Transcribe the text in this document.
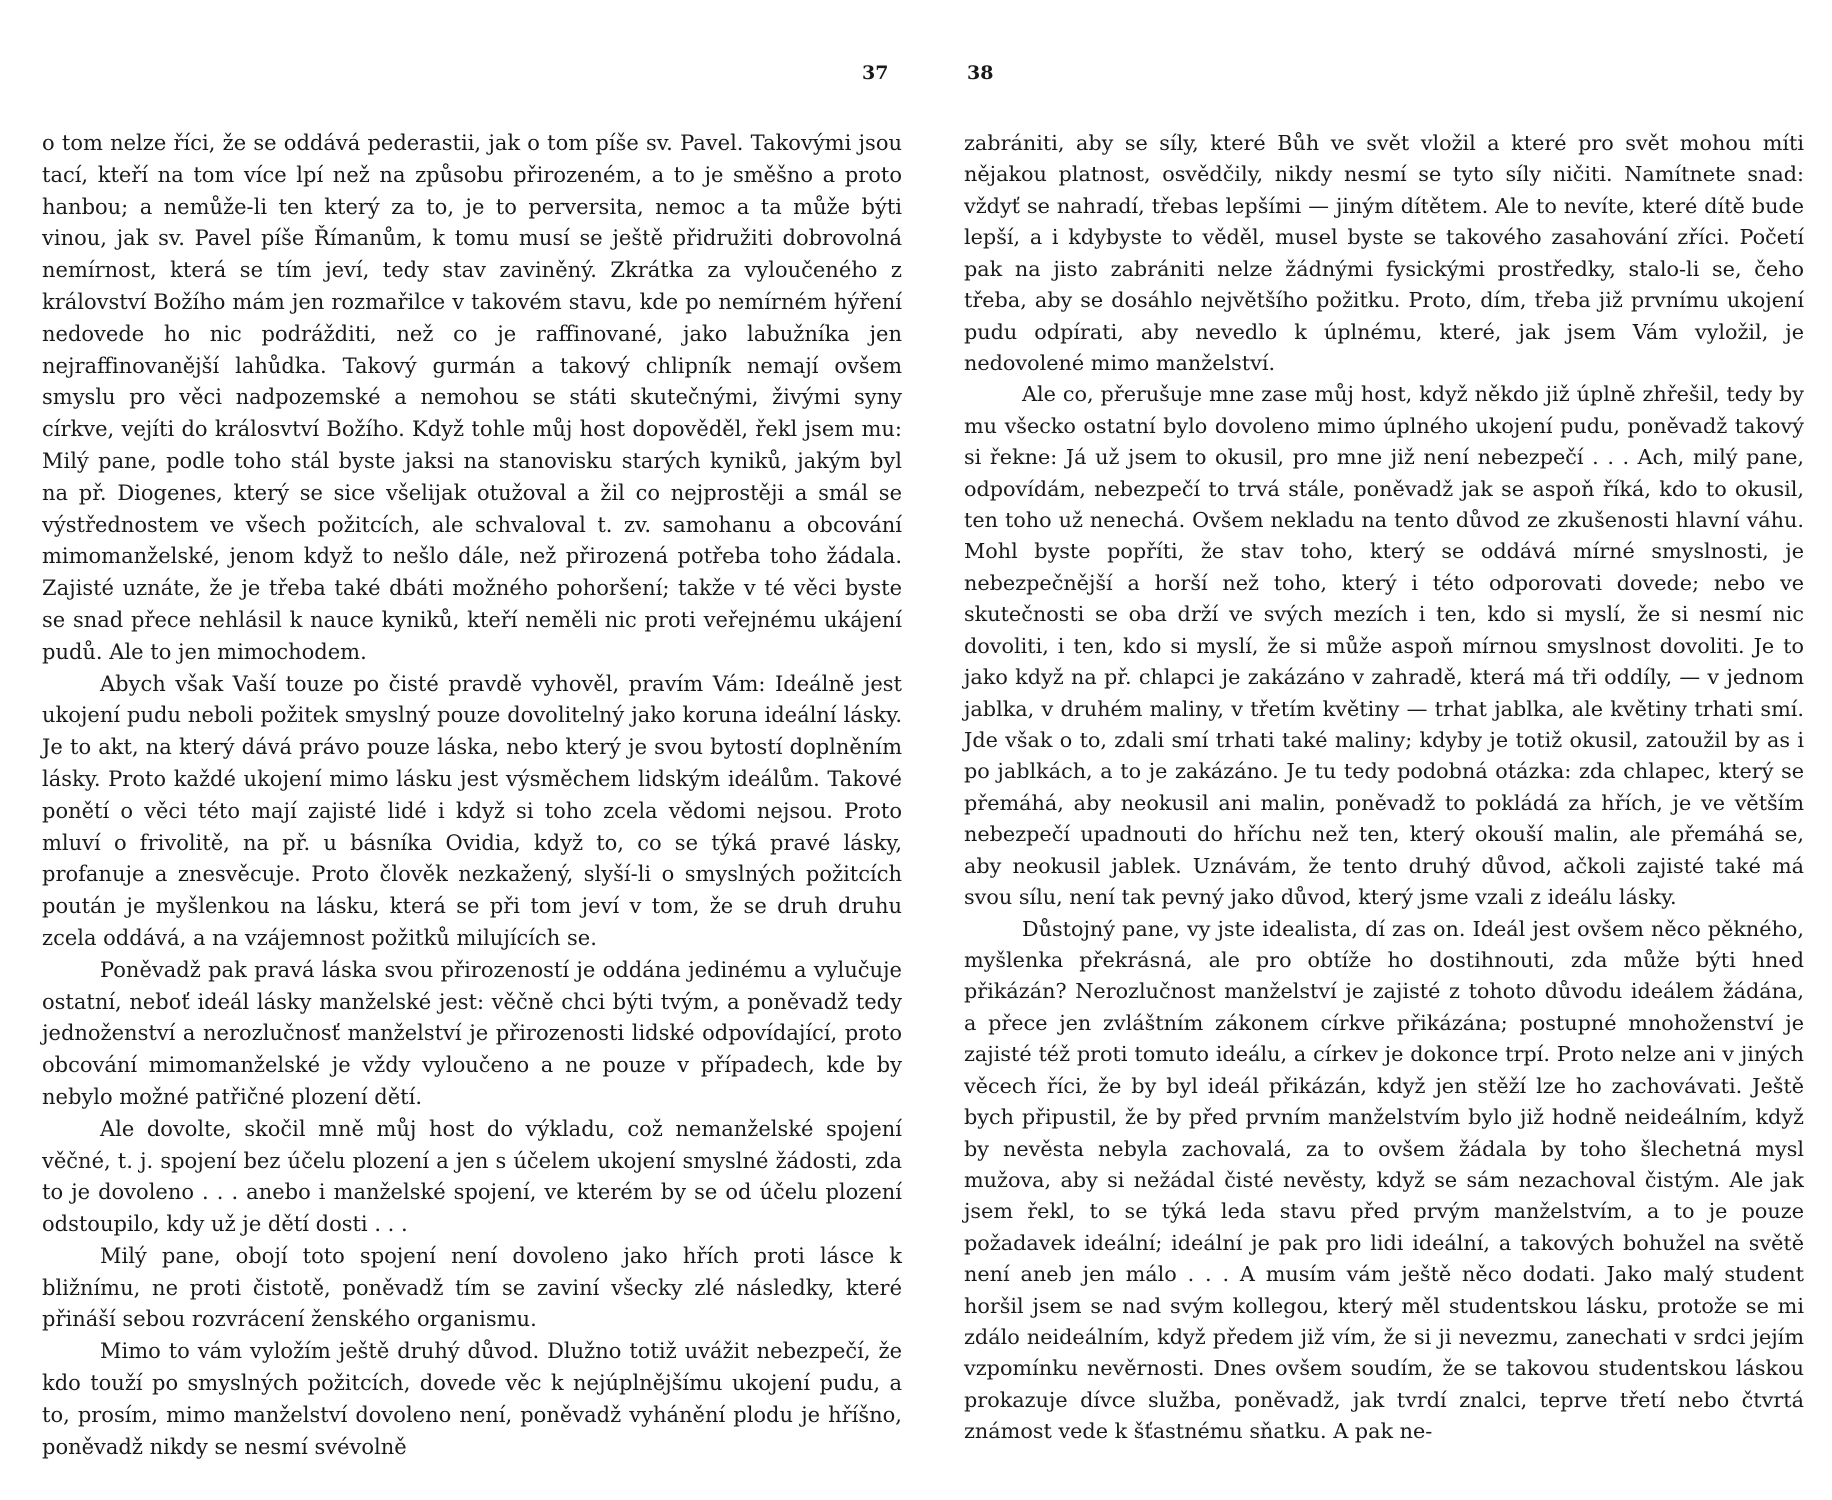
37	38

o tom nelze říci, že se oddává pederastii, jak o tom píše sv. Pavel. Takovými jsou tací, kteří na tom více lpí než na způsobu přirozeném, a to je směšno a proto hanbou; a nemůže-li ten který za to, je to perversita, nemoc a ta může býti vinou, jak sv. Pavel píše Římanům, k tomu musí se ještě přidružiti dobrovolná nemírnost, která se tím jeví, tedy stav zaviněný. Zkrátka za vyloučeného z království Božího mám jen rozmařilce v takovém stavu, kde po nemírném hýření nedovede ho nic podrážditi, než co je raffinované, jako labužníka jen nejraffinovanější lahůdka. Takový gurmán a takový chlipník nemají ovšem smyslu pro věci nadpozemské a nemohou se státi skutečnými, živými syny církve, vejíti do králosvtví Božího. Když tohle můj host dopověděl, řekl jsem mu: Milý pane, podle toho stál byste jaksi na stanovisku starých kyniků, jakým byl na př. Diogenes, který se sice všelijak otužoval a žil co nejprostěji a smál se výstřednostem ve všech požitcích, ale schvaloval t. zv. samohanu a obcování mimomanželské, jenom když to nešlo dále, než přirozená potřeba toho žádala. Zajisté uznáte, že je třeba také dbáti možného pohoršení; takže v té věci byste se snad přece nehlásil k nauce kyniků, kteří neměli nic proti veřejnému ukájení pudů. Ale to jen mimochodem.

Abych však Vaší touze po čisté pravdě vyhověl, pravím Vám: Ideálně jest ukojení pudu neboli požitek smyslný pouze dovolitelný jako koruna ideální lásky. Je to akt, na který dává právo pouze láska, nebo který je svou bytostí doplněním lásky. Proto každé ukojení mimo lásku jest výsměchem lidským ideálům. Takové ponětí o věci této mají zajisté lidé i když si toho zcela vědomi nejsou. Proto mluví o frivolitě, na př. u básníka Ovidia, když to, co se týká pravé lásky, profanuje a znesvěcuje. Proto člověk nezkažený, slyší-li o smyslných požitcích poután je myšlenkou na lásku, která se při tom jeví v tom, že se druh druhu zcela oddává, a na vzájemnost požitků milujících se.

Poněvadž pak pravá láska svou přirozeností je oddána jedinému a vylučuje ostatní, neboť ideál lásky manželské jest: věčně chci býti tvým, a poněvadž tedy jednoženství a nerozlučnosť manželství je přirozenosti lidské odpovídající, proto obcování mimomanželské je vždy vyloučeno a ne pouze v případech, kde by nebylo možné patřičné plození dětí.

Ale dovolte, skočil mně můj host do výkladu, což nemanželské spojení věčné, t. j. spojení bez účelu plození a jen s účelem ukojení smyslné žádosti, zda to je dovoleno . . . anebo i manželské spojení, ve kterém by se od účelu plození odstoupilo, kdy už je dětí dosti . . .

Milý pane, obojí toto spojení není dovoleno jako hřích proti lásce k bližnímu, ne proti čistotě, poněvadž tím se zaviní všecky zlé následky, které přináší sebou rozvrácení ženského organismu.

Mimo to vám vyložím ještě druhý důvod. Dlužno totiž uvážit nebezpečí, že kdo touží po smyslných požitcích, dovede věc k nejúplnějšímu ukojení pudu, a to, prosím, mimo manželství dovoleno není, poněvadž vyhánění plodu je hříšno, poněvadž nikdy se nesmí svévolně

zabrániti, aby se síly, které Bůh ve svět vložil a které pro svět mohou míti nějakou platnost, osvědčily, nikdy nesmí se tyto síly ničiti. Namítnete snad: vždyť se nahradí, třebas lepšími — jiným dítětem. Ale to nevíte, které dítě bude lepší, a i kdybyste to věděl, musel byste se takového zasahování zříci. Početí pak na jisto zabrániti nelze žádnými fysickými prostředky, stalo-li se, čeho třeba, aby se dosáhlo největšího požitku. Proto, dím, třeba již prvnímu ukojení pudu odpírati, aby nevedlo k úplnému, které, jak jsem Vám vyložil, je nedovolené mimo manželství.

Ale co, přerušuje mne zase můj host, když někdo již úplně zhřešil, tedy by mu všecko ostatní bylo dovoleno mimo úplného ukojení pudu, poněvadž takový si řekne: Já už jsem to okusil, pro mne již není nebezpečí . . . Ach, milý pane, odpovídám, nebezpečí to trvá stále, poněvadž jak se aspoň říká, kdo to okusil, ten toho už nenechá. Ovšem nekladu na tento důvod ze zkušenosti hlavní váhu. Mohl byste popříti, že stav toho, který se oddává mírné smyslnosti, je nebezpečnější a horší než toho, který i této odporovati dovede; nebo ve skutečnosti se oba drží ve svých mezích i ten, kdo si myslí, že si nesmí nic dovoliti, i ten, kdo si myslí, že si může aspoň mírnou smyslnost dovoliti. Je to jako když na př. chlapci je zakázáno v zahradě, která má tři oddíly, — v jednom jablka, v druhém maliny, v třetím květiny — trhat jablka, ale květiny trhati smí. Jde však o to, zdali smí trhati také maliny; kdyby je totiž okusil, zatoužil by as i po jablkách, a to je zakázáno. Je tu tedy podobná otázka: zda chlapec, který se přemáhá, aby neokusil ani malin, poněvadž to pokládá za hřích, je ve větším nebezpečí upadnouti do hříchu než ten, který okouší malin, ale přemáhá se, aby neokusil jablek. Uznávám, že tento druhý důvod, ačkoli zajisté také má svou sílu, není tak pevný jako důvod, který jsme vzali z ideálu lásky.

Důstojný pane, vy jste idealista, dí zas on. Ideál jest ovšem něco pěkného, myšlenka překrásná, ale pro obtíže ho dostihnouti, zda může býti hned přikázán? Nerozlučnost manželství je zajisté z tohoto důvodu ideálem žádána, a přece jen zvláštním zákonem církve přikázána; postupné mnohoženství je zajisté též proti tomuto ideálu, a církev je dokonce trpí. Proto nelze ani v jiných věcech říci, že by byl ideál přikázán, když jen stěží lze ho zachovávati. Ještě bych připustil, že by před prvním manželstvím bylo již hodně neideálním, když by nevěsta nebyla zachovalá, za to ovšem žádala by toho šlechetná mysl mužova, aby si nežádal čisté nevěsty, když se sám nezachoval čistým. Ale jak jsem řekl, to se týká leda stavu před prvým manželstvím, a to je pouze požadavek ideální; ideální je pak pro lidi ideální, a takových bohužel na světě není aneb jen málo . . . A musím vám ještě něco dodati. Jako malý student horšil jsem se nad svým kollegou, který měl studentskou lásku, protože se mi zdálo neideálním, když předem již vím, že si ji nevezmu, zanechati v srdci jejím vzpomínku nevěrnosti. Dnes ovšem soudím, že se takovou studentskou láskou prokazuje dívce služba, poněvadž, jak tvrdí znalci, teprve třetí nebo čtvrtá známost vede k šťastnému sňatku. A pak ne-
